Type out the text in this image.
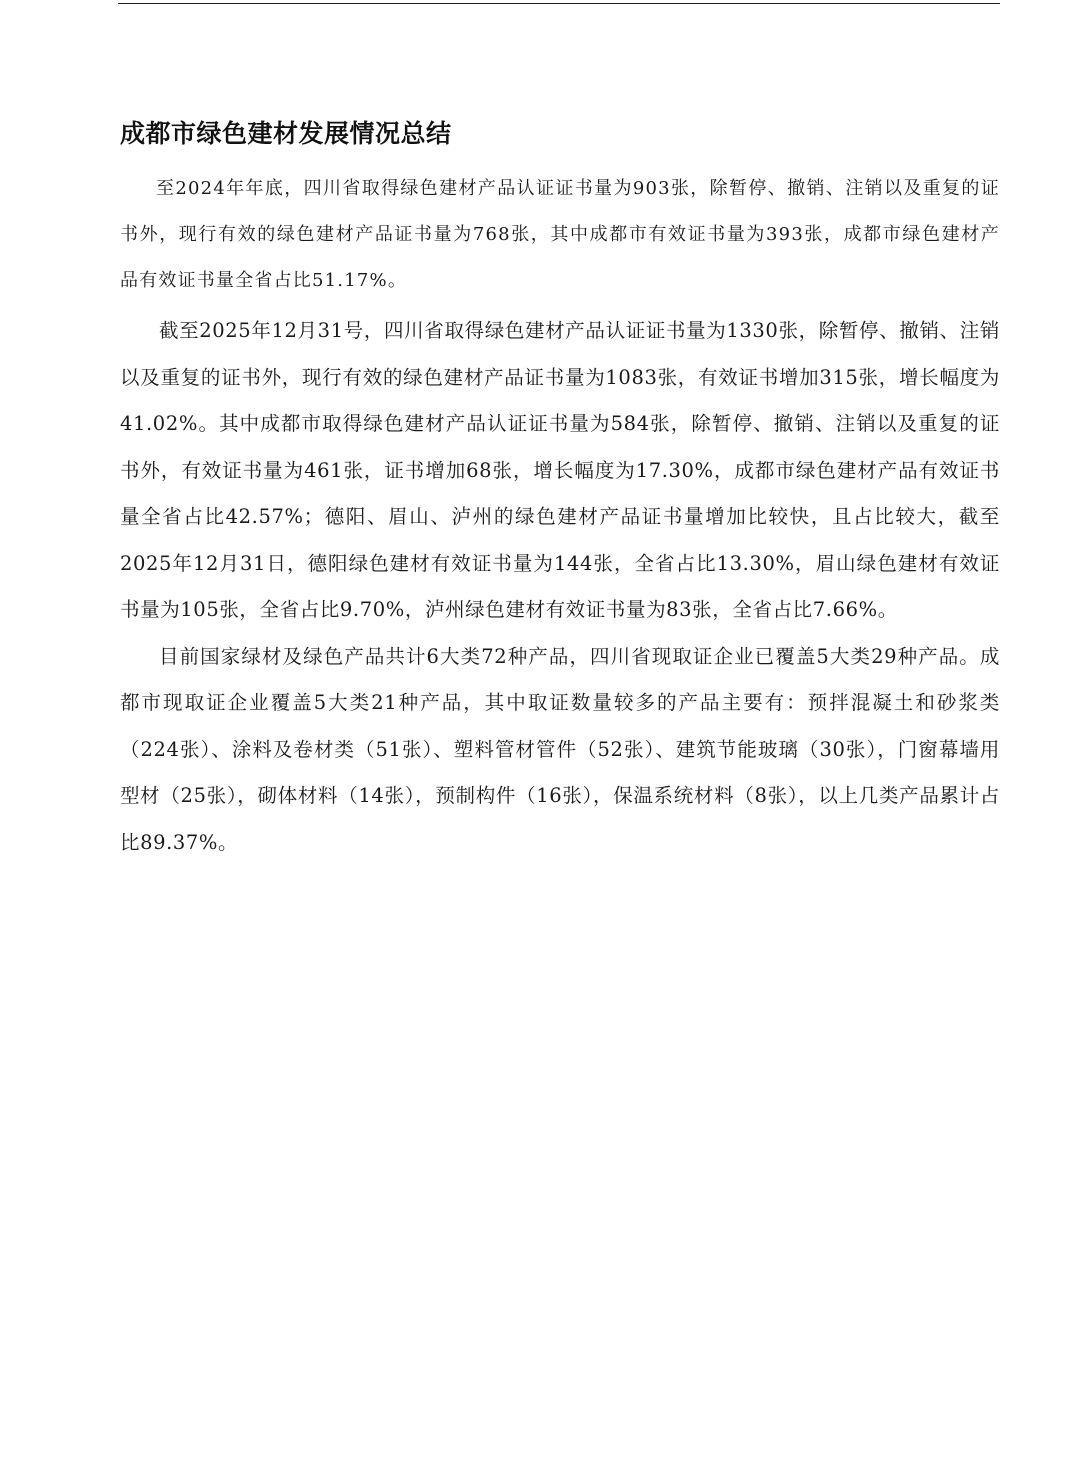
成都市绿色建材发展情况总结

至2024年年底，四川省取得绿色建材产品认证证书量为903张，除暂停、撤销、注销以及重复的证书外，现行有效的绿色建材产品证书量为768张，其中成都市有效证书量为393张，成都市绿色建材产品有效证书量全省占比51.17%。

截至2025年12月31号，四川省取得绿色建材产品认证证书量为1330张，除暂停、撤销、注销以及重复的证书外，现行有效的绿色建材产品证书量为1083张，有效证书增加315张，增长幅度为41.02%。其中成都市取得绿色建材产品认证证书量为584张，除暂停、撤销、注销以及重复的证书外，有效证书量为461张，证书增加68张，增长幅度为17.30%，成都市绿色建材产品有效证书量全省占比42.57%；德阳、眉山、泸州的绿色建材产品证书量增加比较快，且占比较大，截至2025年12月31日，德阳绿色建材有效证书量为144张，全省占比13.30%，眉山绿色建材有效证书量为105张，全省占比9.70%，泸州绿色建材有效证书量为83张，全省占比7.66%。

目前国家绿材及绿色产品共计6大类72种产品，四川省现取证企业已覆盖5大类29种产品。成都市现取证企业覆盖5大类21种产品，其中取证数量较多的产品主要有：预拌混凝土和砂浆类（224张）、涂料及卷材类（51张）、塑料管材管件（52张）、建筑节能玻璃（30张），门窗幕墙用型材（25张），砌体材料（14张），预制构件（16张），保温系统材料（8张），以上几类产品累计占比89.37%。
